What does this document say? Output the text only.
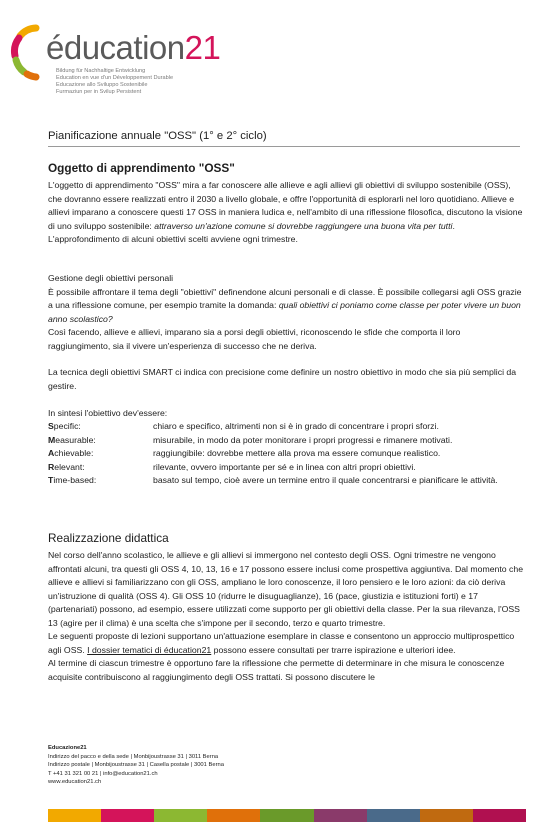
éducation21
Bildung für Nachhaltige Entwicklung
Education en vue d'un Développement Durable
Educazione allo Sviluppo Sostenibile
Furmaziun per in Svilup Persistent
Pianificazione annuale "OSS" (1° e 2° ciclo)
Oggetto di apprendimento "OSS"
L'oggetto di apprendimento "OSS" mira a far conoscere alle allieve e agli allievi gli obiettivi di sviluppo sostenibile (OSS), che dovranno essere realizzati entro il 2030 a livello globale, e offre l'opportunità di esplorarli nel loro quotidiano. Allieve e allievi imparano a conoscere questi 17 OSS in maniera ludica e, nell'ambito di una riflessione filosofica, discutono la visione di uno sviluppo sostenibile: attraverso un'azione comune si dovrebbe raggiungere una buona vita per tutti. L'approfondimento di alcuni obiettivi scelti avviene ogni trimestre.
Gestione degli obiettivi personali
È possibile affrontare il tema degli "obiettivi" definendone alcuni personali e di classe. È possibile collegarsi agli OSS grazie a una riflessione comune, per esempio tramite la domanda: quali obiettivi ci poniamo come classe per poter vivere un buon anno scolastico?
Così facendo, allieve e allievi, imparano sia a porsi degli obiettivi, riconoscendo le sfide che comporta il loro raggiungimento, sia il vivere un'esperienza di successo che ne deriva.
La tecnica degli obiettivi SMART ci indica con precisione come definire un nostro obiettivo in modo che sia più semplici da gestire.
In sintesi l'obiettivo dev'essere:
Specific:	chiaro e specifico, altrimenti non si è in grado di concentrare i propri sforzi.
Measurable:	misurabile, in modo da poter monitorare i propri progressi e rimanere motivati.
Achievable:	raggiungibile: dovrebbe mettere alla prova ma essere comunque realistico.
Relevant:	rilevante, ovvero importante per sé e in linea con altri propri obiettivi.
Time-based:	basato sul tempo, cioè avere un termine entro il quale concentrarsi e pianificare le attività.
Realizzazione didattica
Nel corso dell'anno scolastico, le allieve e gli allievi si immergono nel contesto degli OSS. Ogni trimestre ne vengono affrontati alcuni, tra questi gli OSS 4, 10, 13, 16 e 17 possono essere inclusi come prospettiva aggiuntiva. Dal momento che allieve e allievi si familiarizzano con gli OSS, ampliano le loro conoscenze, il loro pensiero e le loro azioni: da ciò deriva un'istruzione di qualità (OSS 4). Gli OSS 10 (ridurre le disuguaglianze), 16 (pace, giustizia e istituzioni forti) e 17 (partenariati) possono, ad esempio, essere utilizzati come supporto per gli obiettivi della classe. Per la sua rilevanza, l'OSS 13 (agire per il clima) è una scelta che s'impone per il secondo, terzo e quarto trimestre.
Le seguenti proposte di lezioni supportano un'attuazione esemplare in classe e consentono un approccio multiprospettico agli OSS. I dossier tematici di éducation21 possono essere consultati per trarre ispirazione e ulteriori idee.
Al termine di ciascun trimestre è opportuno fare la riflessione che permette di determinare in che misura le conoscenze acquisite contribuiscono al raggiungimento degli OSS trattati. Si possono discutere le
Educazione21
Indirizzo del pacco e della sede | Monbijoustrasse 31 | 3011 Berna
Indirizzo postale | Monbijoustrasse 31 | Casella postale | 3001 Berna
T +41 31 321 00 21 | info@education21.ch
www.education21.ch
